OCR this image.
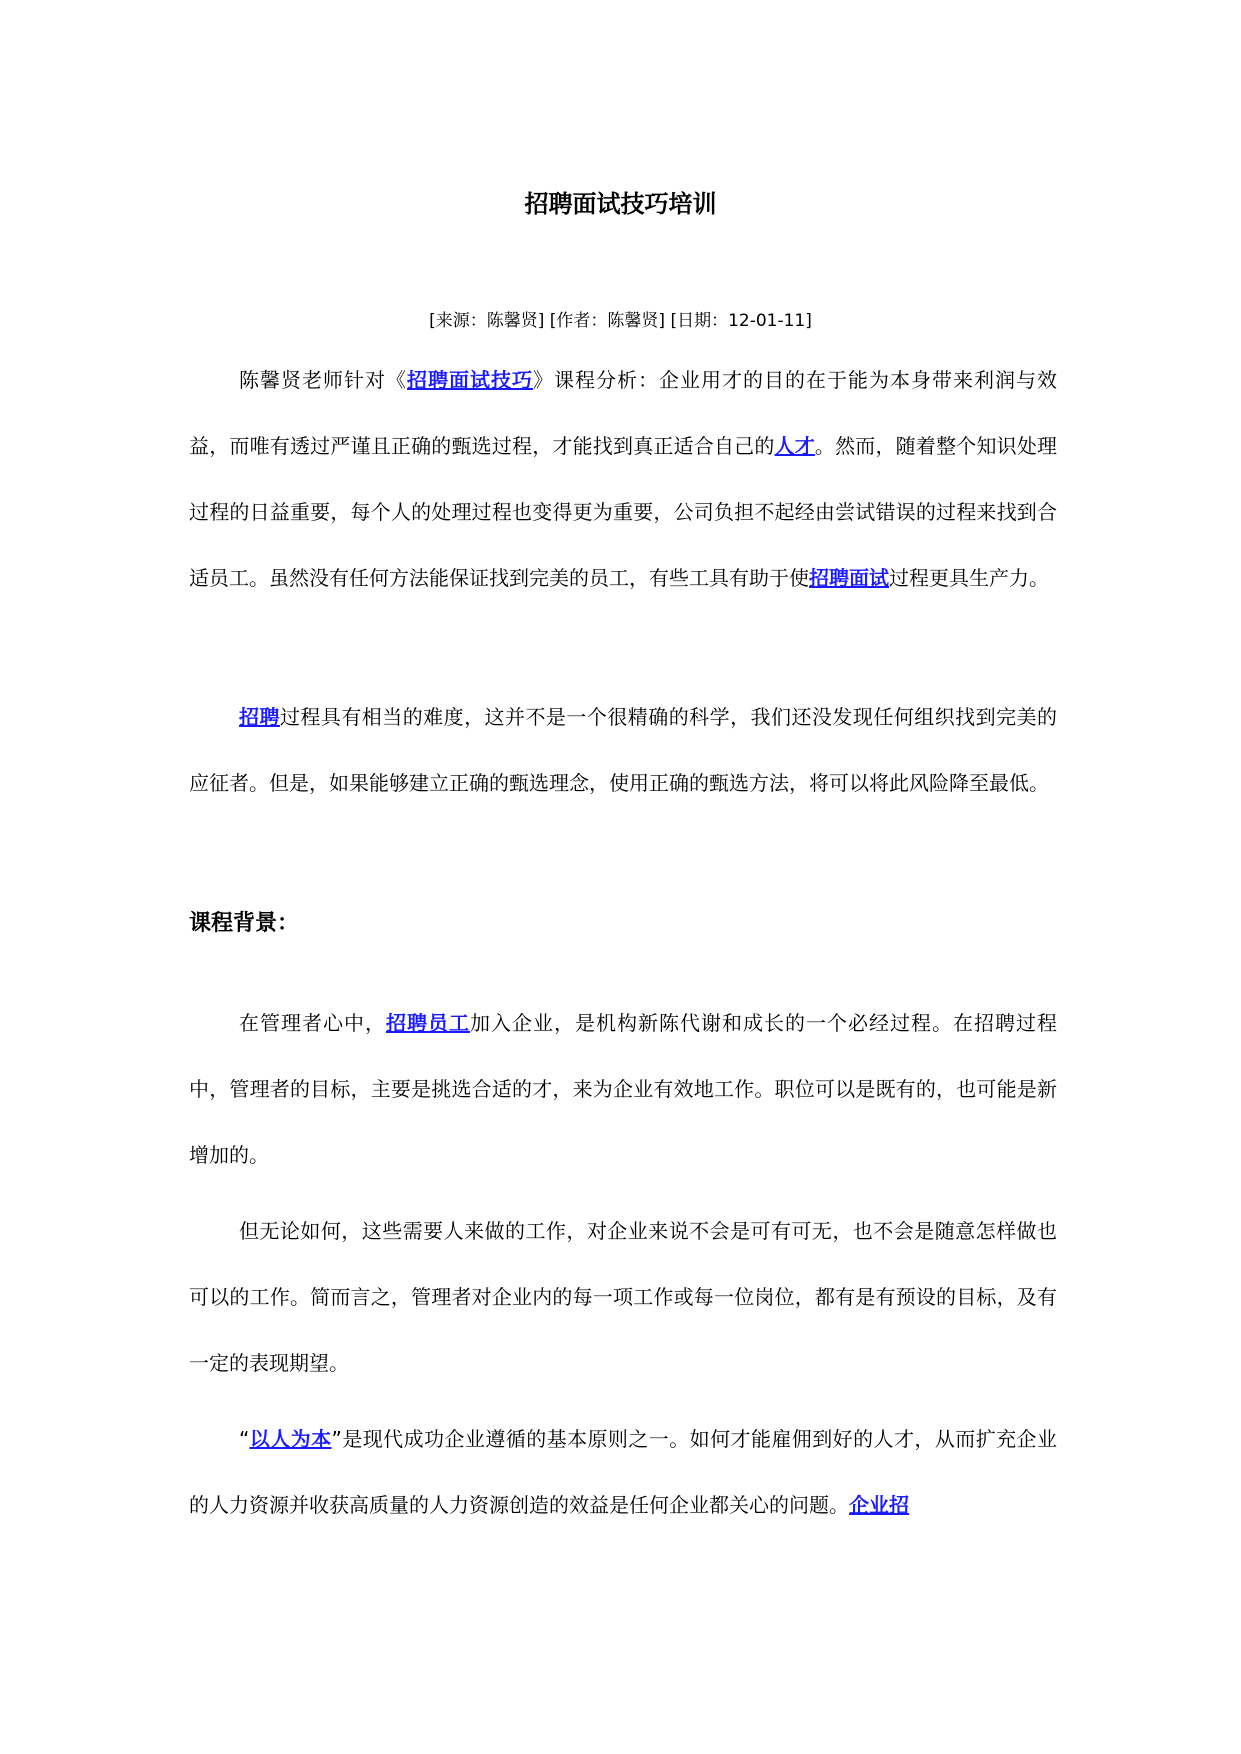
招聘面试技巧培训
[来源：陈馨贤] [作者：陈馨贤] [日期：12-01-11]

陈馨贤老师针对《招聘面试技巧》课程分析：企业用才的目的在于能为本身带来利润与效益，而唯有透过严谨且正确的甄选过程，才能找到真正适合自己的人才。然而，随着整个知识处理过程的日益重要，每个人的处理过程也变得更为重要，公司负担不起经由尝试错误的过程来找到合适员工。虽然没有任何方法能保证找到完美的员工，有些工具有助于使招聘面试过程更具生产力。

招聘过程具有相当的难度，这并不是一个很精确的科学，我们还没发现任何组织找到完美的应征者。但是，如果能够建立正确的甄选理念，使用正确的甄选方法，将可以将此风险降至最低。

课程背景：

在管理者心中，招聘员工加入企业，是机构新陈代谢和成长的一个必经过程。在招聘过程中，管理者的目标，主要是挑选合适的才，来为企业有效地工作。职位可以是既有的，也可能是新增加的。

但无论如何，这些需要人来做的工作，对企业来说不会是可有可无，也不会是随意怎样做也可以的工作。简而言之，管理者对企业内的每一项工作或每一位岗位，都有是有预设的目标，及有一定的表现期望。

“以人为本”是现代成功企业遵循的基本原则之一。如何才能雇佣到好的人才，从而扩充企业的人力资源并收获高质量的人力资源创造的效益是任何企业都关心的问题。企业招
